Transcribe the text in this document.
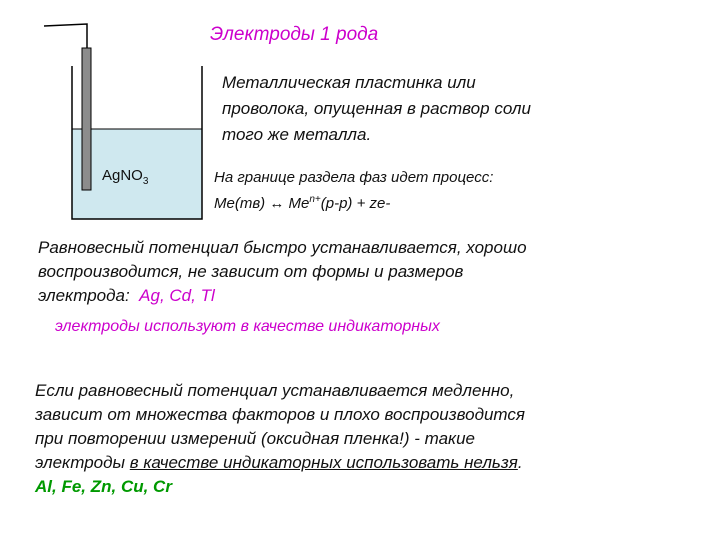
AgNO$_3$
Электроды 1 рода
Металлическая пластинка или
проволока, опущенная в раствор соли
того же металла.
На границе раздела фаз идет процесс:
Me(тв) ↔ $Me^{n+}(р-р) + ze-$
Равновесный потенциал быстро устанавливается, хорошо
воспроизводится, не зависит от формы и размеров
электрода: Ag, Cd, Tl
электроды используют в качестве индикаторных
Если равновесный потенциал устанавливается медленно,
зависит от множества факторов и плохо воспроизводится
при повторении измерений (оксидная пленка!) - такие
электроды в качестве индикаторных использовать нельзя.
Al, Fe, Zn, Cu, Cr
